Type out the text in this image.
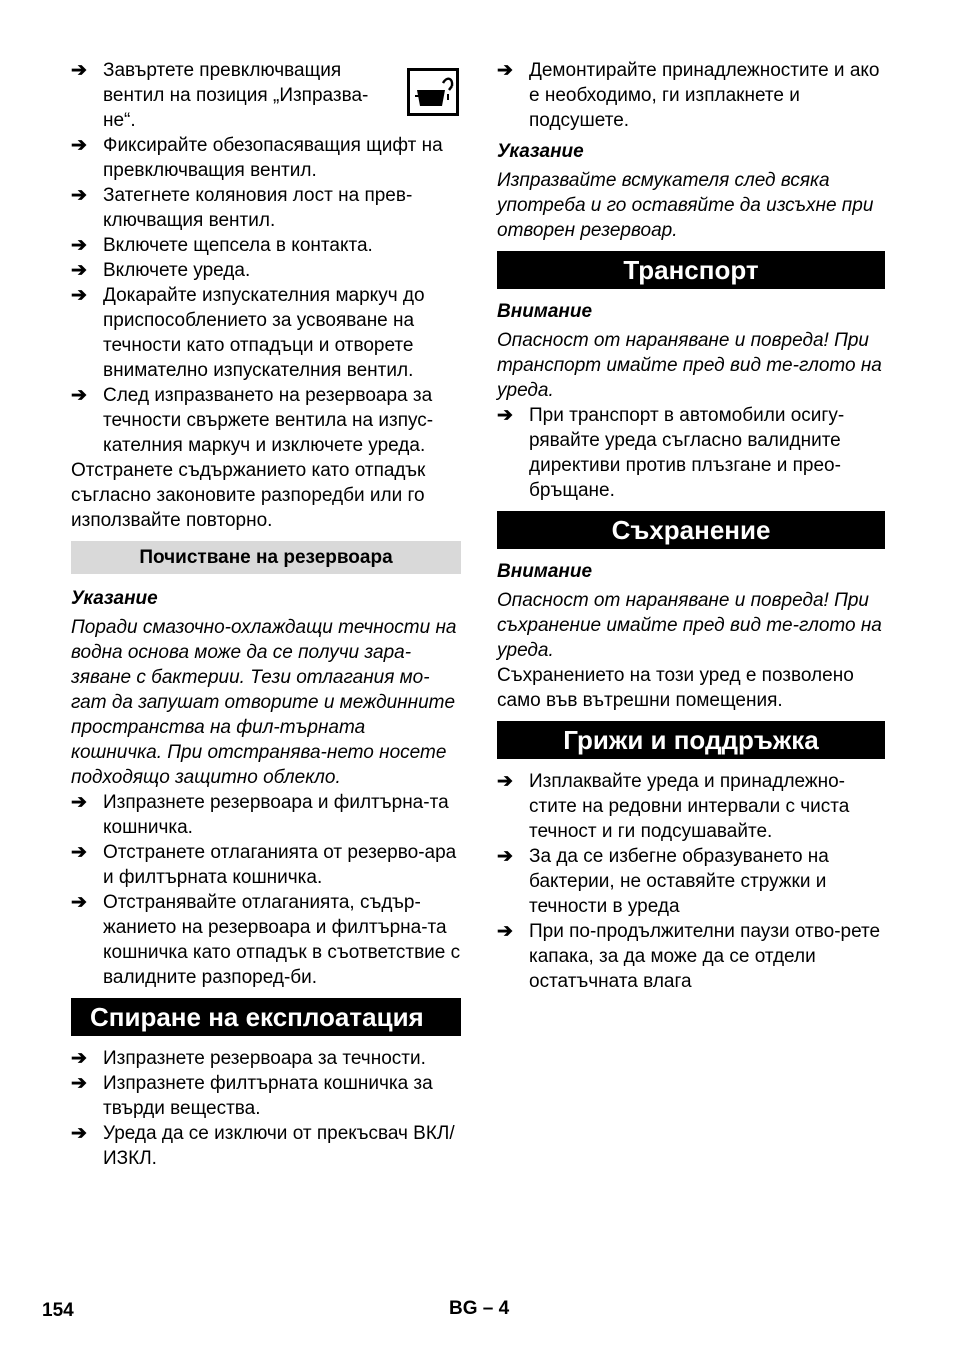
➔ Завъртете превключващия вентил на позиция „Изпразва-не“.
➔ Фиксирайте обезопасяващия щифт на превключващия вентил.
➔ Затегнете коляновия лост на прев-ключващия вентил.
➔ Включете щепсела в контакта.
➔ Включете уреда.
➔ Докарайте изпускателния маркуч до приспособлението за усвояване на течности като отпадъци и отворете внимателно изпускателния вентил.
➔ След изпразването на резервоара за течности свържете вентила на изпус-кателния маркуч и изключете уреда.
Отстранете съдържанието като отпадък съгласно законовите разпоредби или го използвайте повторно.
Почистване на резервоара
Указание
Поради смазочно-охлаждащи течности на водна основа може да се получи зара-зяване с бактерии. Тези отлагания мо-гат да запушат отворите и междинните пространства на фил-търната кошничка. При отстранява-нето носете подходящо защитно облекло.
➔ Изпразнете резервоара и филтърна-та кошничка.
➔ Отстранете отлаганията от резерво-ара и филтърната кошничка.
➔ Отстранявайте отлаганията, съдър-жанието на резервоара и филтърна-та кошничка като отпадък в съответствие с валидните разпоред-би.
Спиране на експлоатация
➔ Изпразнете резервоара за течности.
➔ Изпразнете филтърната кошничка за твърди вещества.
➔ Уреда да се изключи от прекъсвач ВКЛ/ИЗКЛ.
➔ Демонтирайте принадлежностите и ако е необходимо, ги изплакнете и подсушете.
Указание
Изпразвайте всмукателя след всяка употреба и го оставяйте да изсъхне при отворен резервоар.
Транспорт
Внимание
Опасност от нараняване и повреда! При транспорт имайте пред вид те-глото на уреда.
➔ При транспорт в автомобили осигу-рявайте уреда съгласно валидните директиви против плъзгане и прео-бръщане.
Съхранение
Внимание
Опасност от нараняване и повреда! При съхранение имайте пред вид те-глото на уреда.
Съхранението на този уред е позволено само във вътрешни помещения.
Грижи и поддръжка
➔ Изплаквайте уреда и принадлежно-стите на редовни интервали с чиста течност и ги подсушавайте.
➔ За да се избегне образуването на бактерии, не оставяйте стружки и течности в уреда
➔ При по-продължителни паузи отво-рете капака, за да може да се отдели остатъчната влага
154	BG – 4
